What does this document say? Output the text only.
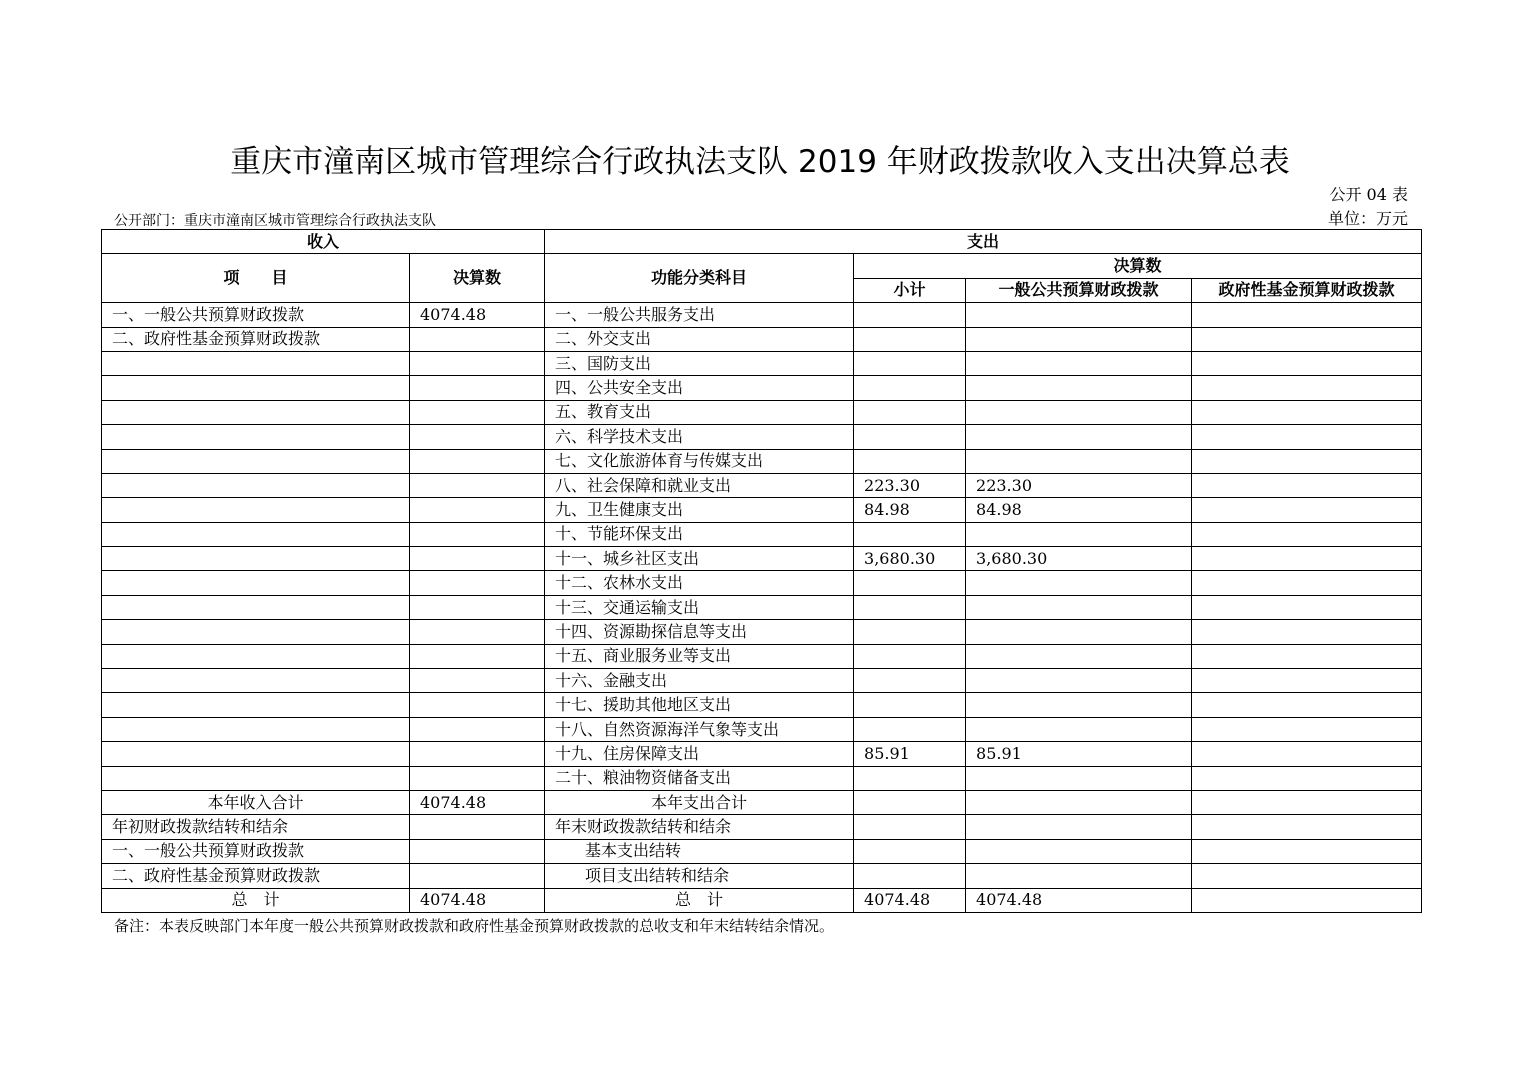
重庆市潼南区城市管理综合行政执法支队 2019 年财政拨款收入支出决算总表
公开 04 表
公开部门：重庆市潼南区城市管理综合行政执法支队	单位：万元
收入		支出			
项　　目	决算数	功能分类科目	决算数		
			小计	一般公共预算财政拨款	政府性基金预算财政拨款
一、一般公共预算财政拨款	4074.48	一、一般公共服务支出			
二、政府性基金预算财政拨款		二、外交支出			
		三、国防支出			
		四、公共安全支出			
		五、教育支出			
		六、科学技术支出			
		七、文化旅游体育与传媒支出			
		八、社会保障和就业支出	223.30	223.30	
		九、卫生健康支出	84.98	84.98	
		十、节能环保支出			
		十一、城乡社区支出	3,680.30	3,680.30	
		十二、农林水支出			
		十三、交通运输支出			
		十四、资源勘探信息等支出			
		十五、商业服务业等支出			
		十六、金融支出			
		十七、援助其他地区支出			
		十八、自然资源海洋气象等支出			
		十九、住房保障支出	85.91	85.91	
		二十、粮油物资储备支出			
本年收入合计	4074.48	本年支出合计			
年初财政拨款结转和结余		年末财政拨款结转和结余			
一、一般公共预算财政拨款		基本支出结转			
二、政府性基金预算财政拨款		项目支出结转和结余			
总　计	4074.48	总　计	4074.48	4074.48	
备注：本表反映部门本年度一般公共预算财政拨款和政府性基金预算财政拨款的总收支和年末结转结余情况。
